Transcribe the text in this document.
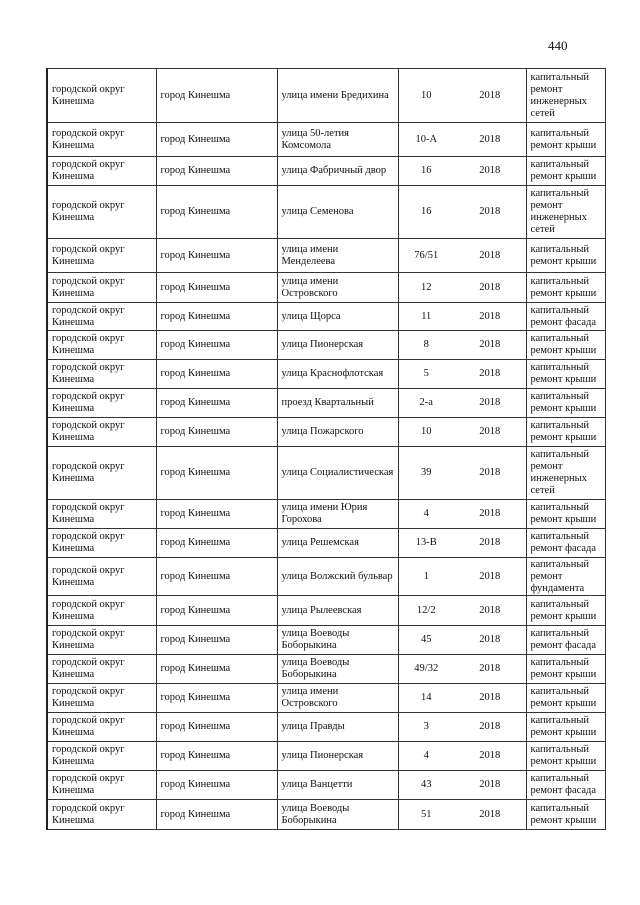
440
городской округ Кинешма	город Кинешма	улица имени Бредихина	10	2018	капитальный ремонт инженерных сетей
городской округ Кинешма	город Кинешма	улица 50-летия Комсомола	10-А	2018	капитальный ремонт крыши
городской округ Кинешма	город Кинешма	улица Фабричный двор	16	2018	капитальный ремонт крыши
городской округ Кинешма	город Кинешма	улица Семенова	16	2018	капитальный ремонт инженерных сетей
городской округ Кинешма	город Кинешма	улица имени Менделеева	76/51	2018	капитальный ремонт крыши
городской округ Кинешма	город Кинешма	улица имени Островского	12	2018	капитальный ремонт крыши
городской округ Кинешма	город Кинешма	улица Щорса	11	2018	капитальный ремонт фасада
городской округ Кинешма	город Кинешма	улица Пионерская	8	2018	капитальный ремонт крыши
городской округ Кинешма	город Кинешма	улица Краснофлотская	5	2018	капитальный ремонт крыши
городской округ Кинешма	город Кинешма	проезд Квартальный	2-а	2018	капитальный ремонт крыши
городской округ Кинешма	город Кинешма	улица Пожарского	10	2018	капитальный ремонт крыши
городской округ Кинешма	город Кинешма	улица Социалистическая	39	2018	капитальный ремонт инженерных сетей
городской округ Кинешма	город Кинешма	улица имени Юрия Горохова	4	2018	капитальный ремонт крыши
городской округ Кинешма	город Кинешма	улица Решемская	13-В	2018	капитальный ремонт фасада
городской округ Кинешма	город Кинешма	улица Волжский бульвар	1	2018	капитальный ремонт фундамента
городской округ Кинешма	город Кинешма	улица Рылеевская	12/2	2018	капитальный ремонт крыши
городской округ Кинешма	город Кинешма	улица Воеводы Боборыкина	45	2018	капитальный ремонт фасада
городской округ Кинешма	город Кинешма	улица Воеводы Боборыкина	49/32	2018	капитальный ремонт крыши
городской округ Кинешма	город Кинешма	улица имени Островского	14	2018	капитальный ремонт крыши
городской округ Кинешма	город Кинешма	улица Правды	3	2018	капитальный ремонт крыши
городской округ Кинешма	город Кинешма	улица Пионерская	4	2018	капитальный ремонт крыши
городской округ Кинешма	город Кинешма	улица Ванцетти	43	2018	капитальный ремонт фасада
городской округ Кинешма	город Кинешма	улица Воеводы Боборыкина	51	2018	капитальный ремонт крыши
